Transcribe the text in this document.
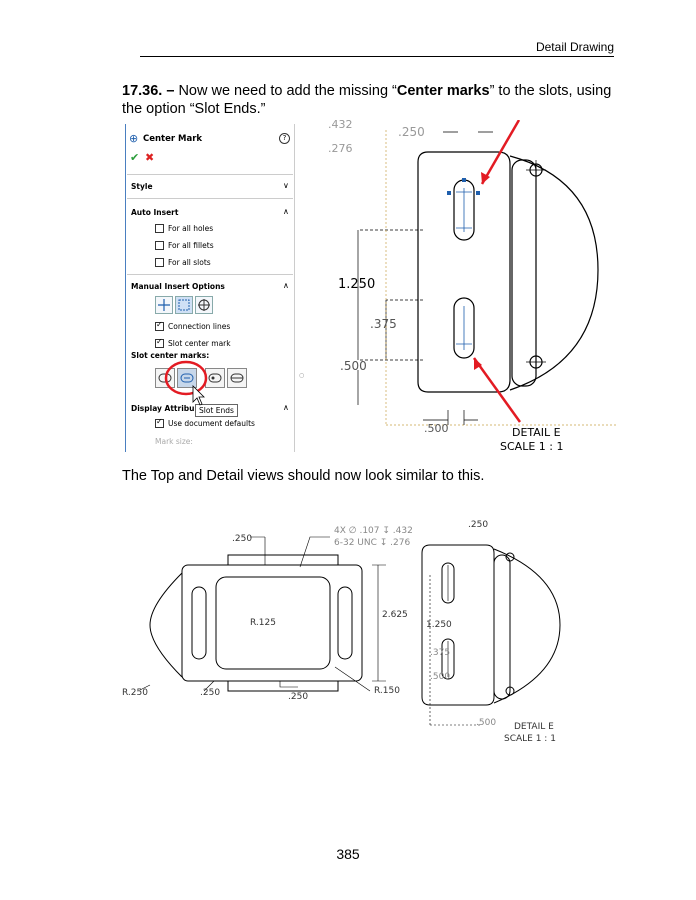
Detail Drawing
17.36. – Now we need to add the missing “Center marks” to the slots, using the option “Slot Ends.”
⊕ Center Mark	?
✔ ✖
Style	∨
Auto Insert	∧
For all holes
For all fillets
For all slots
Manual Insert Options	∧
✓
Connection lines
✓
Slot center mark
Slot center marks:
Slot Ends
○
Display Attribu	∧
✓
Use document defaults
Mark size:
1.250
.375
.500
.500
.250
.432
.276
DETAIL E
SCALE 1 : 1
The Top and Detail views should now look similar to this.
R.250
.250
.250	.250
.250
R.125
R.150
2.625
4X ∅ .107 ↧ .432
6-32 UNC ↧ .276
1.250
.375
.500
.500 DETAIL E
SCALE 1 : 1
385
